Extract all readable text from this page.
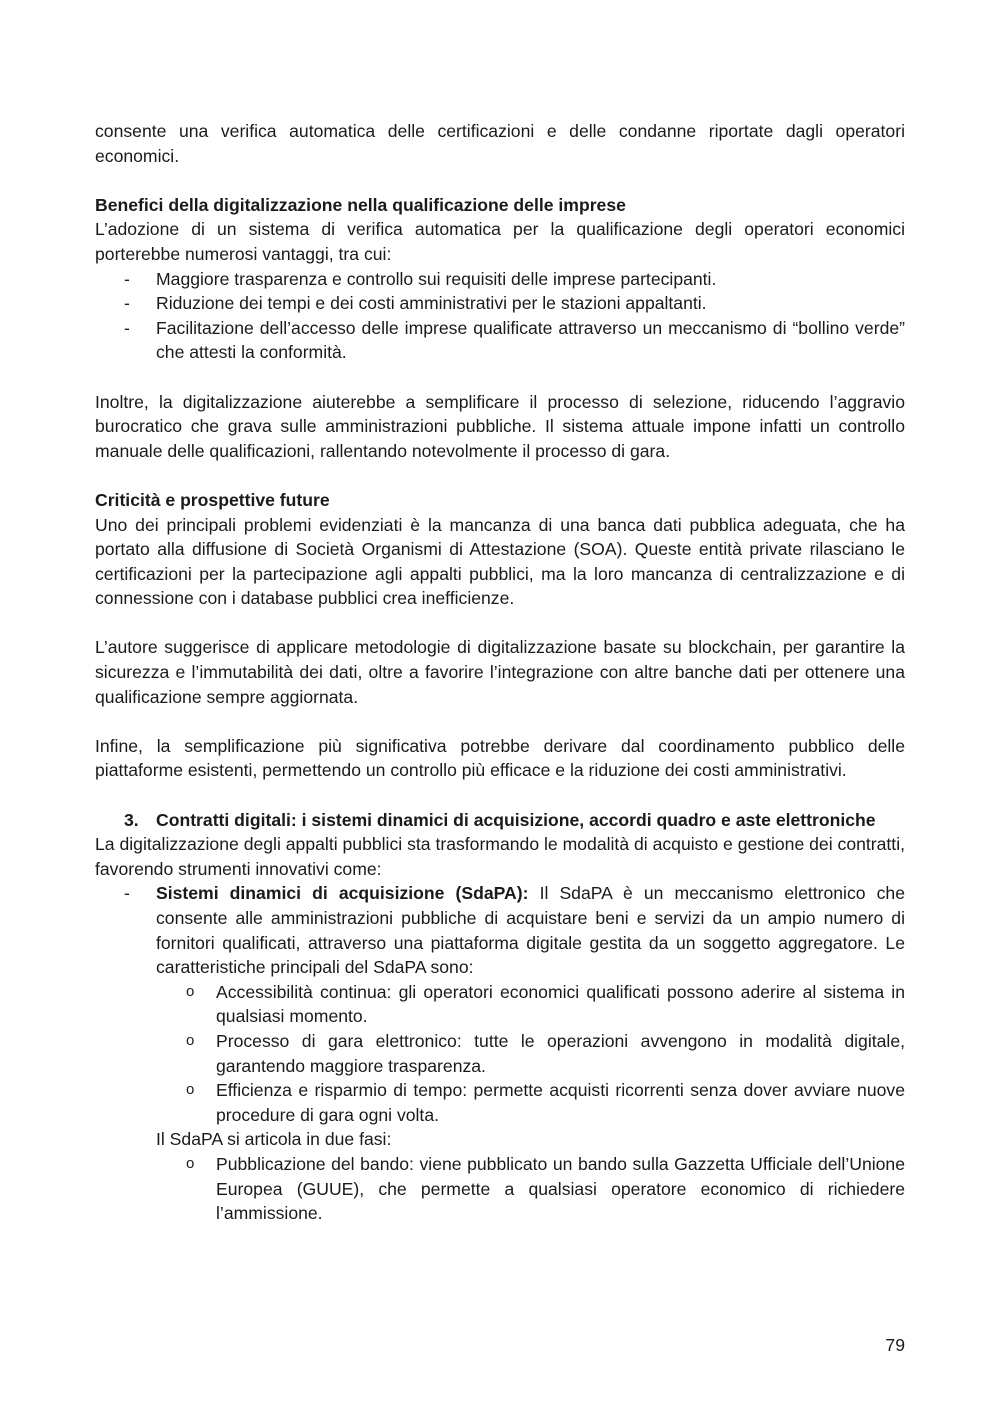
consente una verifica automatica delle certificazioni e delle condanne riportate dagli operatori economici.

Benefici della digitalizzazione nella qualificazione delle imprese

L’adozione di un sistema di verifica automatica per la qualificazione degli operatori economici porterebbe numerosi vantaggi, tra cui:

- Maggiore trasparenza e controllo sui requisiti delle imprese partecipanti.
- Riduzione dei tempi e dei costi amministrativi per le stazioni appaltanti.
- Facilitazione dell’accesso delle imprese qualificate attraverso un meccanismo di “bollino verde” che attesti la conformità.

Inoltre, la digitalizzazione aiuterebbe a semplificare il processo di selezione, riducendo l’aggravio burocratico che grava sulle amministrazioni pubbliche. Il sistema attuale impone infatti un controllo manuale delle qualificazioni, rallentando notevolmente il processo di gara.

Criticità e prospettive future

Uno dei principali problemi evidenziati è la mancanza di una banca dati pubblica adeguata, che ha portato alla diffusione di Società Organismi di Attestazione (SOA). Queste entità private rilasciano le certificazioni per la partecipazione agli appalti pubblici, ma la loro mancanza di centralizzazione e di connessione con i database pubblici crea inefficienze.

L’autore suggerisce di applicare metodologie di digitalizzazione basate su blockchain, per garantire la sicurezza e l’immutabilità dei dati, oltre a favorire l’integrazione con altre banche dati per ottenere una qualificazione sempre aggiornata.

Infine, la semplificazione più significativa potrebbe derivare dal coordinamento pubblico delle piattaforme esistenti, permettendo un controllo più efficace e la riduzione dei costi amministrativi.

3. Contratti digitali: i sistemi dinamici di acquisizione, accordi quadro e aste elettroniche

La digitalizzazione degli appalti pubblici sta trasformando le modalità di acquisto e gestione dei contratti, favorendo strumenti innovativi come:

- Sistemi dinamici di acquisizione (SdaPA): Il SdaPA è un meccanismo elettronico che consente alle amministrazioni pubbliche di acquistare beni e servizi da un ampio numero di fornitori qualificati, attraverso una piattaforma digitale gestita da un soggetto aggregatore. Le caratteristiche principali del SdaPA sono:
o Accessibilità continua: gli operatori economici qualificati possono aderire al sistema in qualsiasi momento.
o Processo di gara elettronico: tutte le operazioni avvengono in modalità digitale, garantendo maggiore trasparenza.
o Efficienza e risparmio di tempo: permette acquisti ricorrenti senza dover avviare nuove procedure di gara ogni volta.

Il SdaPA si articola in due fasi:

o Pubblicazione del bando: viene pubblicato un bando sulla Gazzetta Ufficiale dell’Unione Europea (GUUE), che permette a qualsiasi operatore economico di richiedere l’ammissione.
79
